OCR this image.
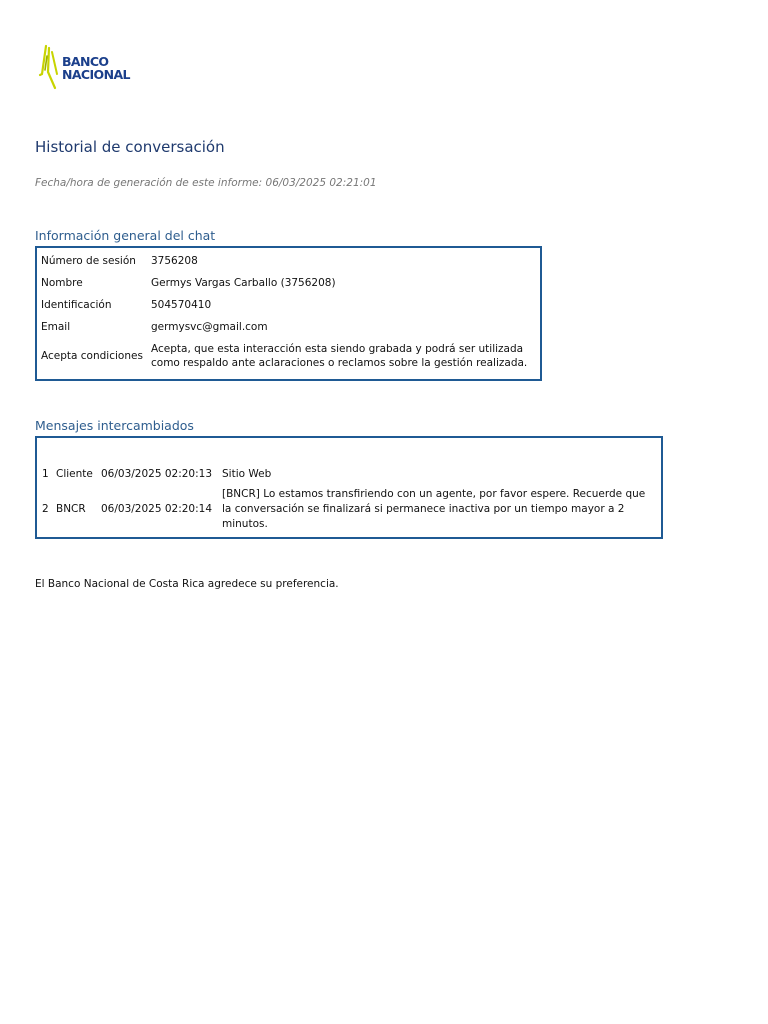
BANCO
NACIONAL
Historial de conversación
Fecha/hora de generación de este informe: 06/03/2025 02:21:01
Información general del chat
Número de sesión	3756208
Nombre	Germys Vargas Carballo (3756208)
Identificación	504570410
Email	germysvc@gmail.com
Acepta condiciones	Acepta, que esta interacción esta siendo grabada y podrá ser utilizada como respaldo ante aclaraciones o reclamos sobre la gestión realizada.
Mensajes intercambiados
1	Cliente	06/03/2025 02:20:13	Sitio Web
2	BNCR	06/03/2025 02:20:14	[BNCR] Lo estamos transfiriendo con un agente, por favor espere. Recuerde que la conversación se finalizará si permanece inactiva por un tiempo mayor a 2 minutos.
El Banco Nacional de Costa Rica agredece su preferencia.
